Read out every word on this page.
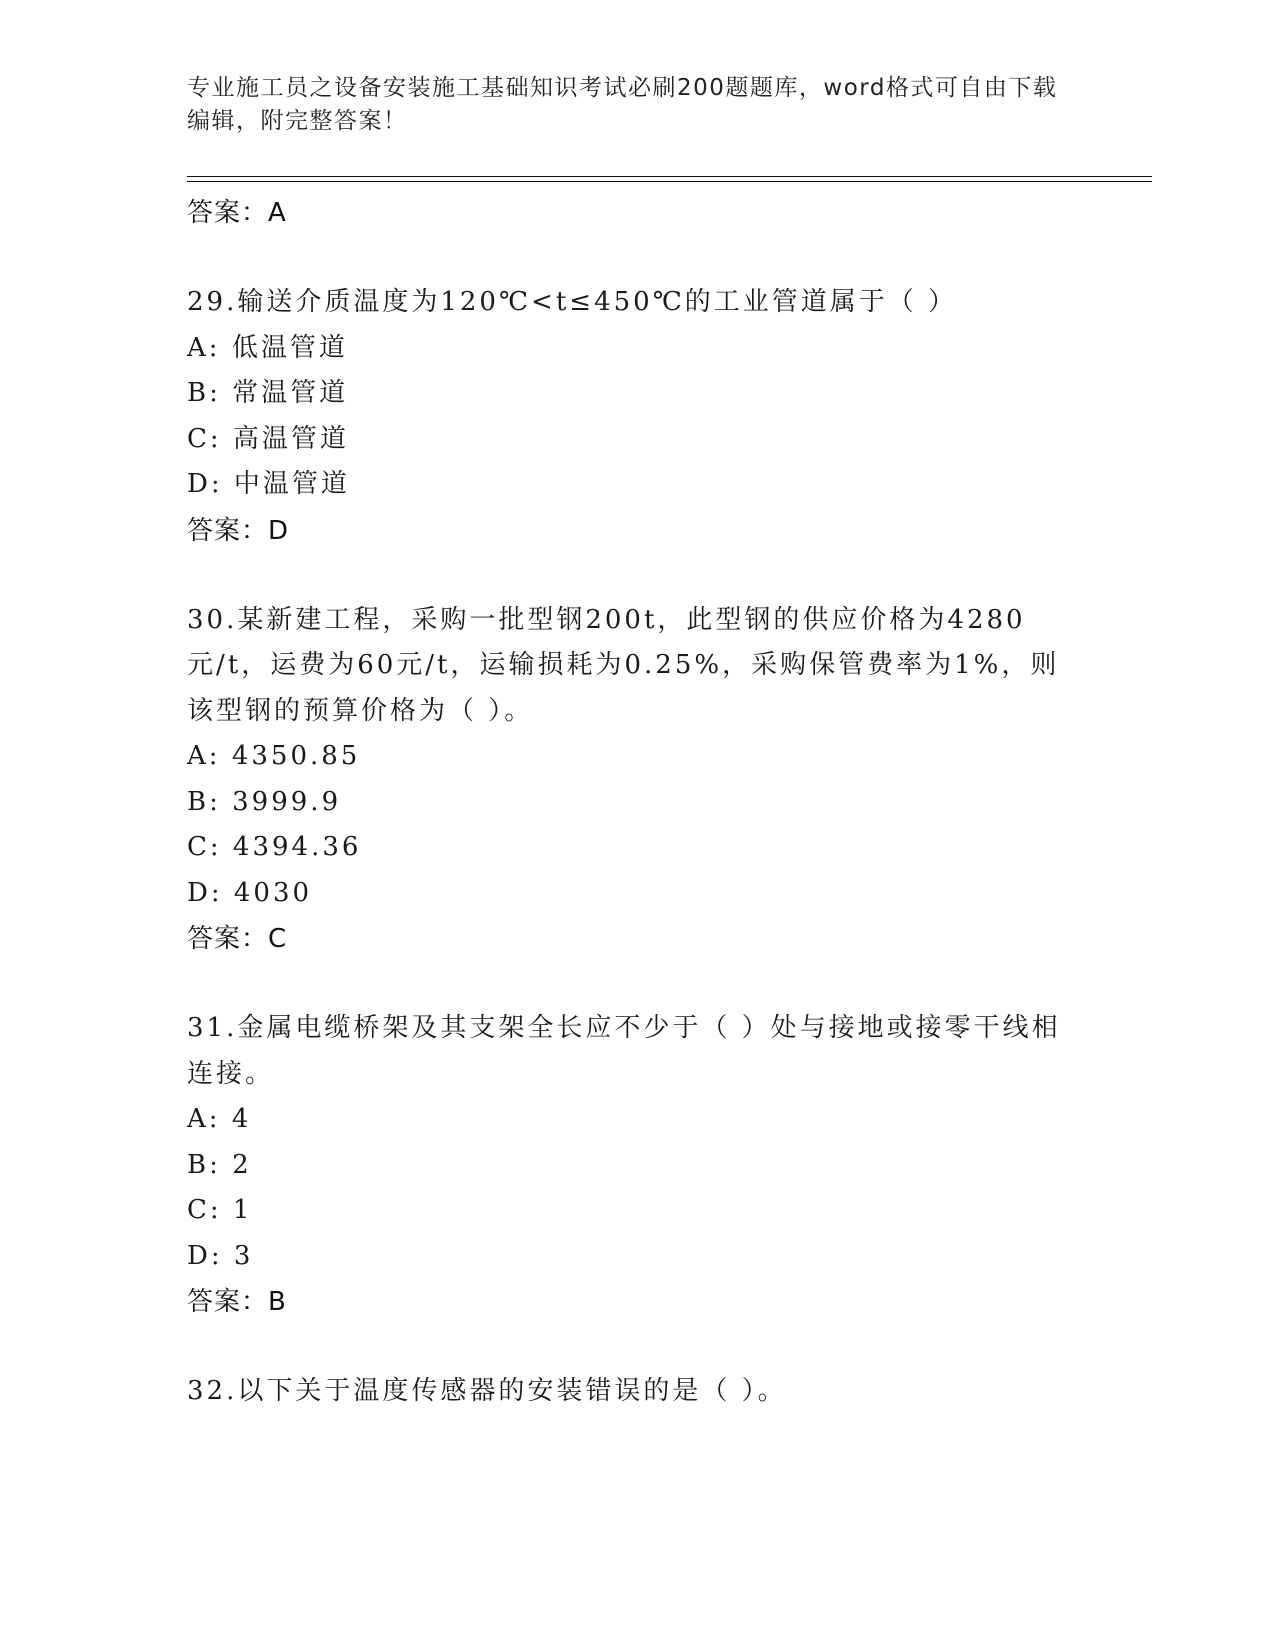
专业施工员之设备安装施工基础知识考试必刷200题题库，word格式可自由下载编辑，附完整答案！
答案：A
29.输送介质温度为120℃<t≤450℃的工业管道属于（ ）
A: 低温管道
B: 常温管道
C: 高温管道
D: 中温管道
答案：D
30.某新建工程，采购一批型钢200t，此型钢的供应价格为4280元/t，运费为60元/t，运输损耗为0.25%，采购保管费率为1%，则该型钢的预算价格为（ ）。
A: 4350.85
B: 3999.9
C: 4394.36
D: 4030
答案：C
31.金属电缆桥架及其支架全长应不少于（ ）处与接地或接零干线相连接。
A: 4
B: 2
C: 1
D: 3
答案：B
32.以下关于温度传感器的安装错误的是（ ）。
